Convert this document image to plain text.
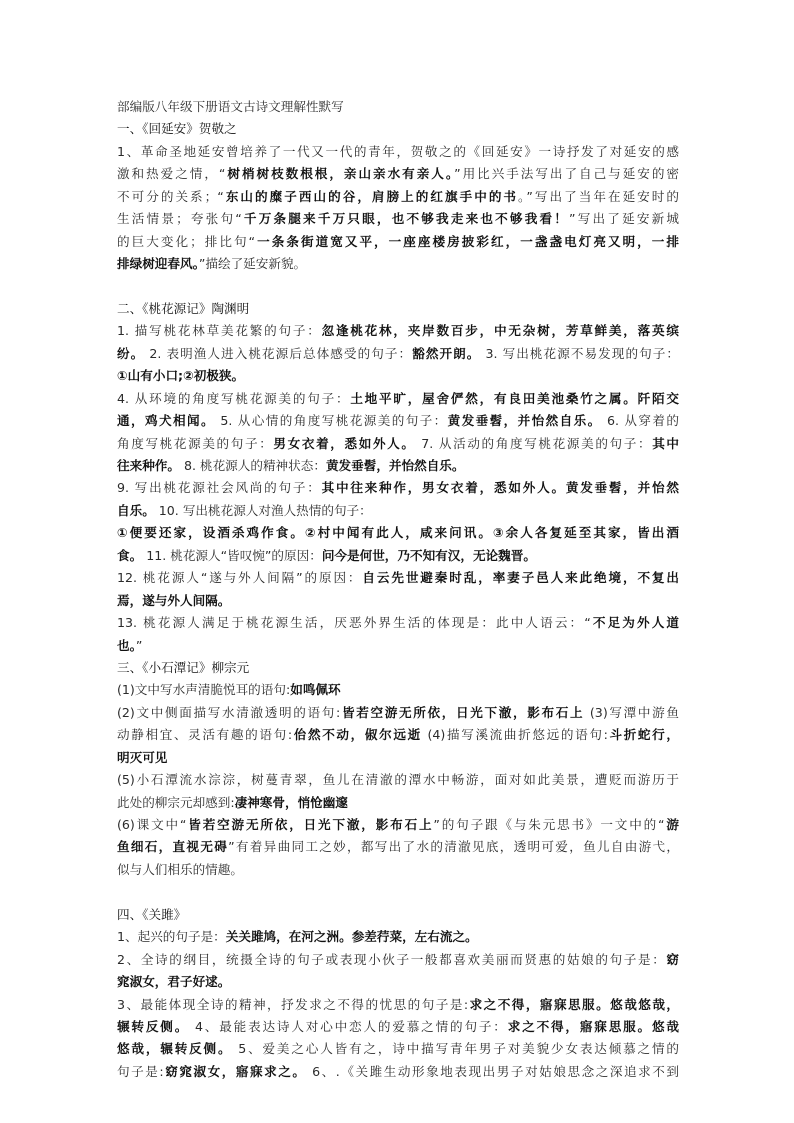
部编版八年级下册语文古诗文理解性默写
一、《回延安》贺敬之
1、革命圣地延安曾培养了一代又一代的青年，贺敬之的《回延安》一诗抒发了对延安的感
激和热爱之情，“树梢树枝数根根，亲山亲水有亲人。”用比兴手法写出了自己与延安的密
不可分的关系；“东山的糜子西山的谷，肩膀上的红旗手中的书。”写出了当年在延安时的
生活情景；夸张句“千万条腿来千万只眼，也不够我走来也不够我看！”写出了延安新城
的巨大变化；排比句“一条条街道宽又平，一座座楼房披彩红，一盏盏电灯亮又明，一排
排绿树迎春风。”描绘了延安新貌。
二、《桃花源记》陶渊明
1. 描写桃花林草美花繁的句子：忽逢桃花林，夹岸数百步，中无杂树，芳草鲜美，落英缤
纷。 2. 表明渔人进入桃花源后总体感受的句子：豁然开朗。 3. 写出桃花源不易发现的句子：
①山有小口;②初极狭。
4. 从环境的角度写桃花源美的句子：土地平旷，屋舍俨然，有良田美池桑竹之属。阡陌交
通，鸡犬相闻。 5. 从心情的角度写桃花源美的句子：黄发垂髫，并怡然自乐。 6. 从穿着的
角度写桃花源美的句子：男女衣着，悉如外人。 7. 从活动的角度写桃花源美的句子：其中
往来种作。 8. 桃花源人的精神状态：黄发垂髫，并怡然自乐。
9. 写出桃花源社会风尚的句子：其中往来种作，男女衣着，悉如外人。黄发垂髫，并怡然
自乐。 10. 写出桃花源人对渔人热情的句子：
①便要还家，设酒杀鸡作食。②村中闻有此人，咸来问讯。③余人各复延至其家，皆出酒
食。 11. 桃花源人“皆叹惋”的原因：问今是何世，乃不知有汉，无论魏晋。
12. 桃花源人“遂与外人间隔”的原因：自云先世避秦时乱，率妻子邑人来此绝境，不复出
焉，遂与外人间隔。
13. 桃花源人满足于桃花源生活，厌恶外界生活的体现是：此中人语云：“不足为外人道
也。”
三、《小石潭记》柳宗元
(1)文中写水声清脆悦耳的语句:如鸣佩环
(2)文中侧面描写水清澈透明的语句:皆若空游无所依，日光下澈，影布石上 (3)写潭中游鱼
动静相宜、灵活有趣的语句:佁然不动，俶尔远逝 (4)描写溪流曲折悠远的语句:斗折蛇行，
明灭可见
(5)小石潭流水淙淙，树蔓青翠，鱼儿在清澈的潭水中畅游，面对如此美景，遭贬而游历于
此处的柳宗元却感到:凄神寒骨，悄怆幽邃
(6)课文中“皆若空游无所依，日光下澈，影布石上”的句子跟《与朱元思书》一文中的“游
鱼细石，直视无碍”有着异曲同工之妙，都写出了水的清澈见底，透明可爱，鱼儿自由游弋，
似与人们相乐的情趣。
四、《关雎》
1、起兴的句子是：关关雎鸠，在河之洲。参差荇菜，左右流之。
2、全诗的纲目，统摄全诗的句子或表现小伙子一般都喜欢美丽而贤惠的姑娘的句子是：窈
窕淑女，君子好逑。
3、最能体现全诗的精神，抒发求之不得的忧思的句子是:求之不得，寤寐思服。悠哉悠哉，
辗转反侧。 4、最能表达诗人对心中恋人的爱慕之情的句子：求之不得，寤寐思服。悠哉
悠哉，辗转反侧。 5、爱美之心人皆有之，诗中描写青年男子对美貌少女表达倾慕之情的
句子是:窈窕淑女，寤寐求之。 6、.《关雎生动形象地表现出男子对姑娘思念之深追求不到
